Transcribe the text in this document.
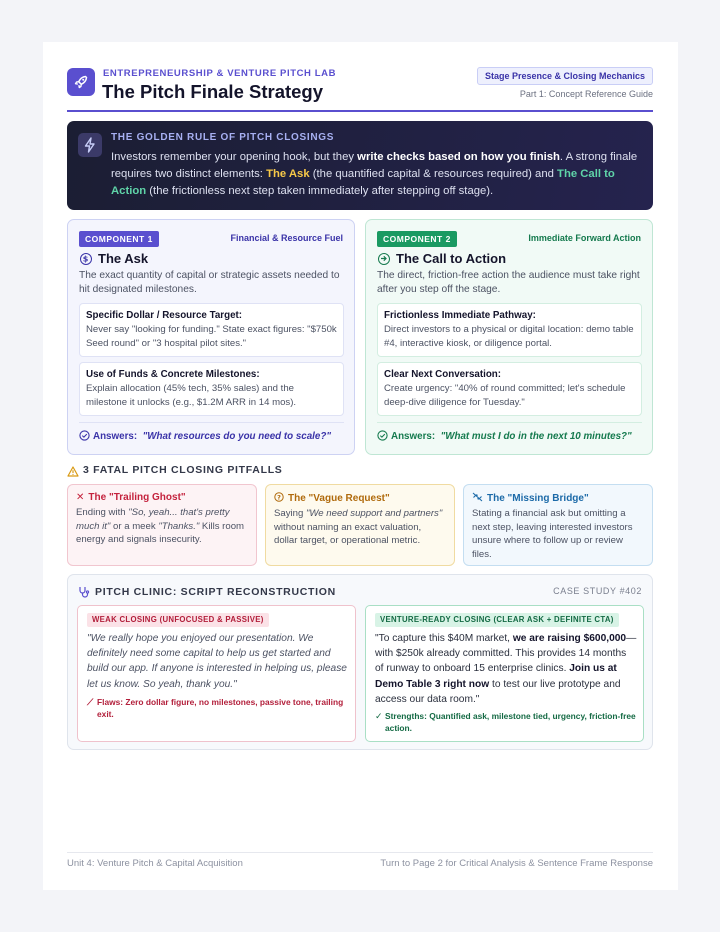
ENTREPRENEURSHIP & VENTURE PITCH LAB
The Pitch Finale Strategy
Stage Presence & Closing Mechanics
Part 1: Concept Reference Guide
THE GOLDEN RULE OF PITCH CLOSINGS
Investors remember your opening hook, but they write checks based on how you finish. A strong finale requires two distinct elements: The Ask (the quantified capital & resources required) and The Call to Action (the frictionless next step taken immediately after stepping off stage).
COMPONENT 1	Financial & Resource Fuel
$ The Ask
The exact quantity of capital or strategic assets needed to hit designated milestones.
Specific Dollar / Resource Target:
Never say "looking for funding." State exact figures: "$750k Seed round" or "3 hospital pilot sites."
Use of Funds & Concrete Milestones:
Explain allocation (45% tech, 35% sales) and the milestone it unlocks (e.g., $1.2M ARR in 14 mos).
Answers: "What resources do you need to scale?"
COMPONENT 2	Immediate Forward Action
The Call to Action
The direct, friction-free action the audience must take right after you step off the stage.
Frictionless Immediate Pathway:
Direct investors to a physical or digital location: demo table #4, interactive kiosk, or diligence portal.
Clear Next Conversation:
Create urgency: "40% of round committed; let's schedule deep-dive diligence for Tuesday."
Answers: "What must I do in the next 10 minutes?"
3 FATAL PITCH CLOSING PITFALLS
✕ The "Trailing Ghost"
Ending with "So, yeah... that's pretty much it" or a meek "Thanks." Kills room energy and signals insecurity.
? The "Vague Request"
Saying "We need support and partners" without naming an exact valuation, dollar target, or operational metric.
The "Missing Bridge"
Stating a financial ask but omitting a next step, leaving interested investors unsure where to follow up or review files.
PITCH CLINIC: SCRIPT RECONSTRUCTION	CASE STUDY #402
WEAK CLOSING (UNFOCUSED & PASSIVE)
"We really hope you enjoyed our presentation. We definitely need some capital to help us get started and build our app. If anyone is interested in helping us, please let us know. So yeah, thank you."
⟋ Flaws: Zero dollar figure, no milestones, passive tone, trailing exit.
VENTURE-READY CLOSING (CLEAR ASK + DEFINITE CTA)
"To capture this $40M market, we are raising $600,000—with $250k already committed. This provides 14 months of runway to onboard 15 enterprise clinics. Join us at Demo Table 3 right now to test our live prototype and access our data room."
✓ Strengths: Quantified ask, milestone tied, urgency, friction-free action.
Unit 4: Venture Pitch & Capital Acquisition	Turn to Page 2 for Critical Analysis & Sentence Frame Response
